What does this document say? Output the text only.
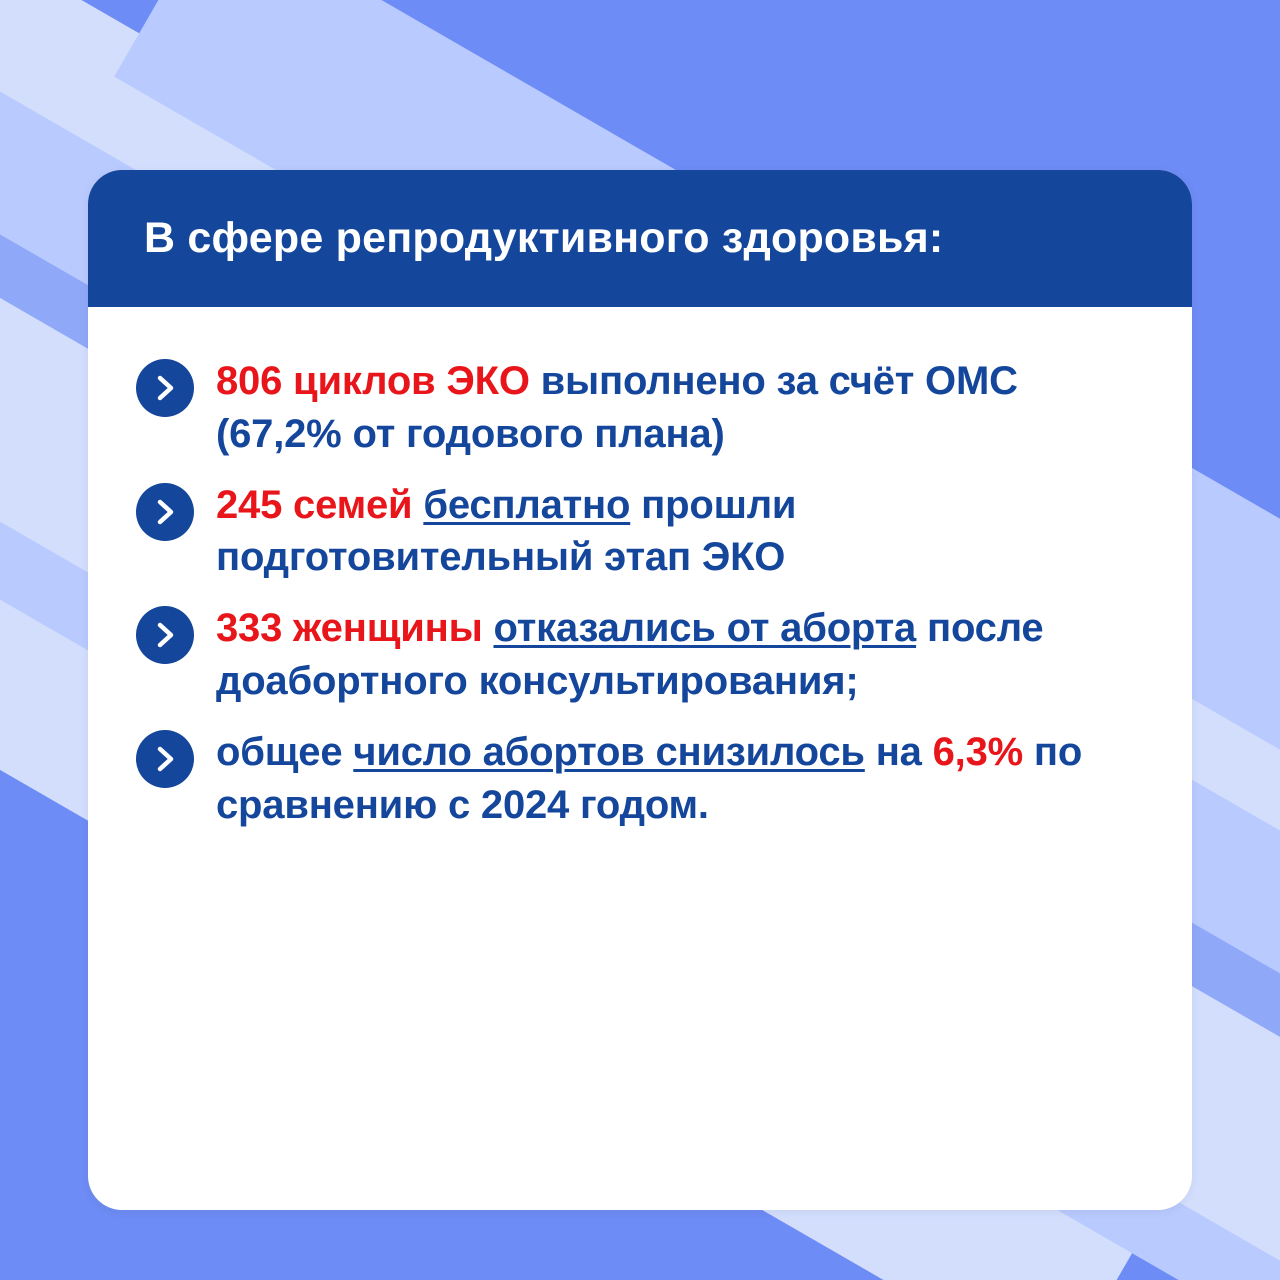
В сфере репродуктивного здоровья:
806 циклов ЭКО выполнено за счёт ОМС (67,2% от годового плана)
245 семей бесплатно прошли подготовительный этап ЭКО
333 женщины отказались от аборта после доабортного консультирования;
общее число абортов снизилось на 6,3% по сравнению с 2024 годом.
